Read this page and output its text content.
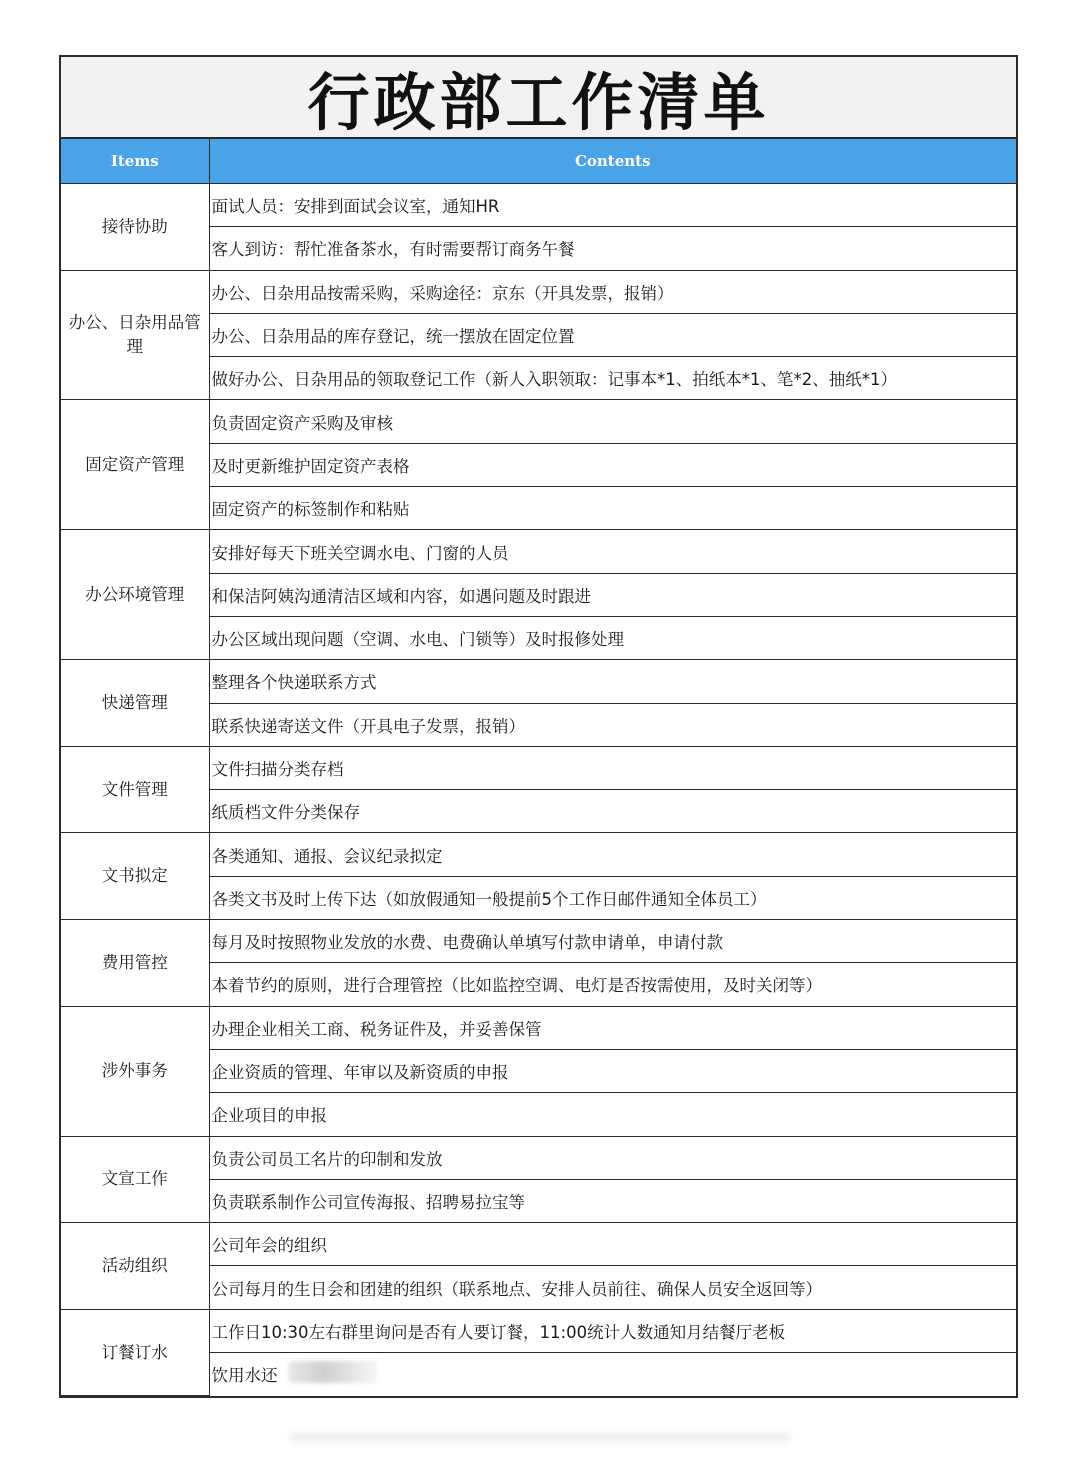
行政部工作清单
Items	Contents
接待协助	面试人员：安排到面试会议室，通知HR
	客人到访：帮忙准备茶水，有时需要帮订商务午餐
办公、日杂用品管理	办公、日杂用品按需采购，采购途径：京东（开具发票，报销）
	办公、日杂用品的库存登记，统一摆放在固定位置
	做好办公、日杂用品的领取登记工作（新人入职领取：记事本*1、拍纸本*1、笔*2、抽纸*1）
固定资产管理	负责固定资产采购及审核
	及时更新维护固定资产表格
	固定资产的标签制作和粘贴
办公环境管理	安排好每天下班关空调水电、门窗的人员
	和保洁阿姨沟通清洁区域和内容，如遇问题及时跟进
	办公区域出现问题（空调、水电、门锁等）及时报修处理
快递管理	整理各个快递联系方式
	联系快递寄送文件（开具电子发票，报销）
文件管理	文件扫描分类存档
	纸质档文件分类保存
文书拟定	各类通知、通报、会议纪录拟定
	各类文书及时上传下达（如放假通知一般提前5个工作日邮件通知全体员工）
费用管控	每月及时按照物业发放的水费、电费确认单填写付款申请单，申请付款
	本着节约的原则，进行合理管控（比如监控空调、电灯是否按需使用，及时关闭等）
涉外事务	办理企业相关工商、税务证件及，并妥善保管
	企业资质的管理、年审以及新资质的申报
	企业项目的申报
文宣工作	负责公司员工名片的印制和发放
	负责联系制作公司宣传海报、招聘易拉宝等
活动组织	公司年会的组织
	公司每月的生日会和团建的组织（联系地点、安排人员前往、确保人员安全返回等）
订餐订水	工作日10:30左右群里询问是否有人要订餐，11:00统计人数通知月结餐厅老板
	饮用水还
